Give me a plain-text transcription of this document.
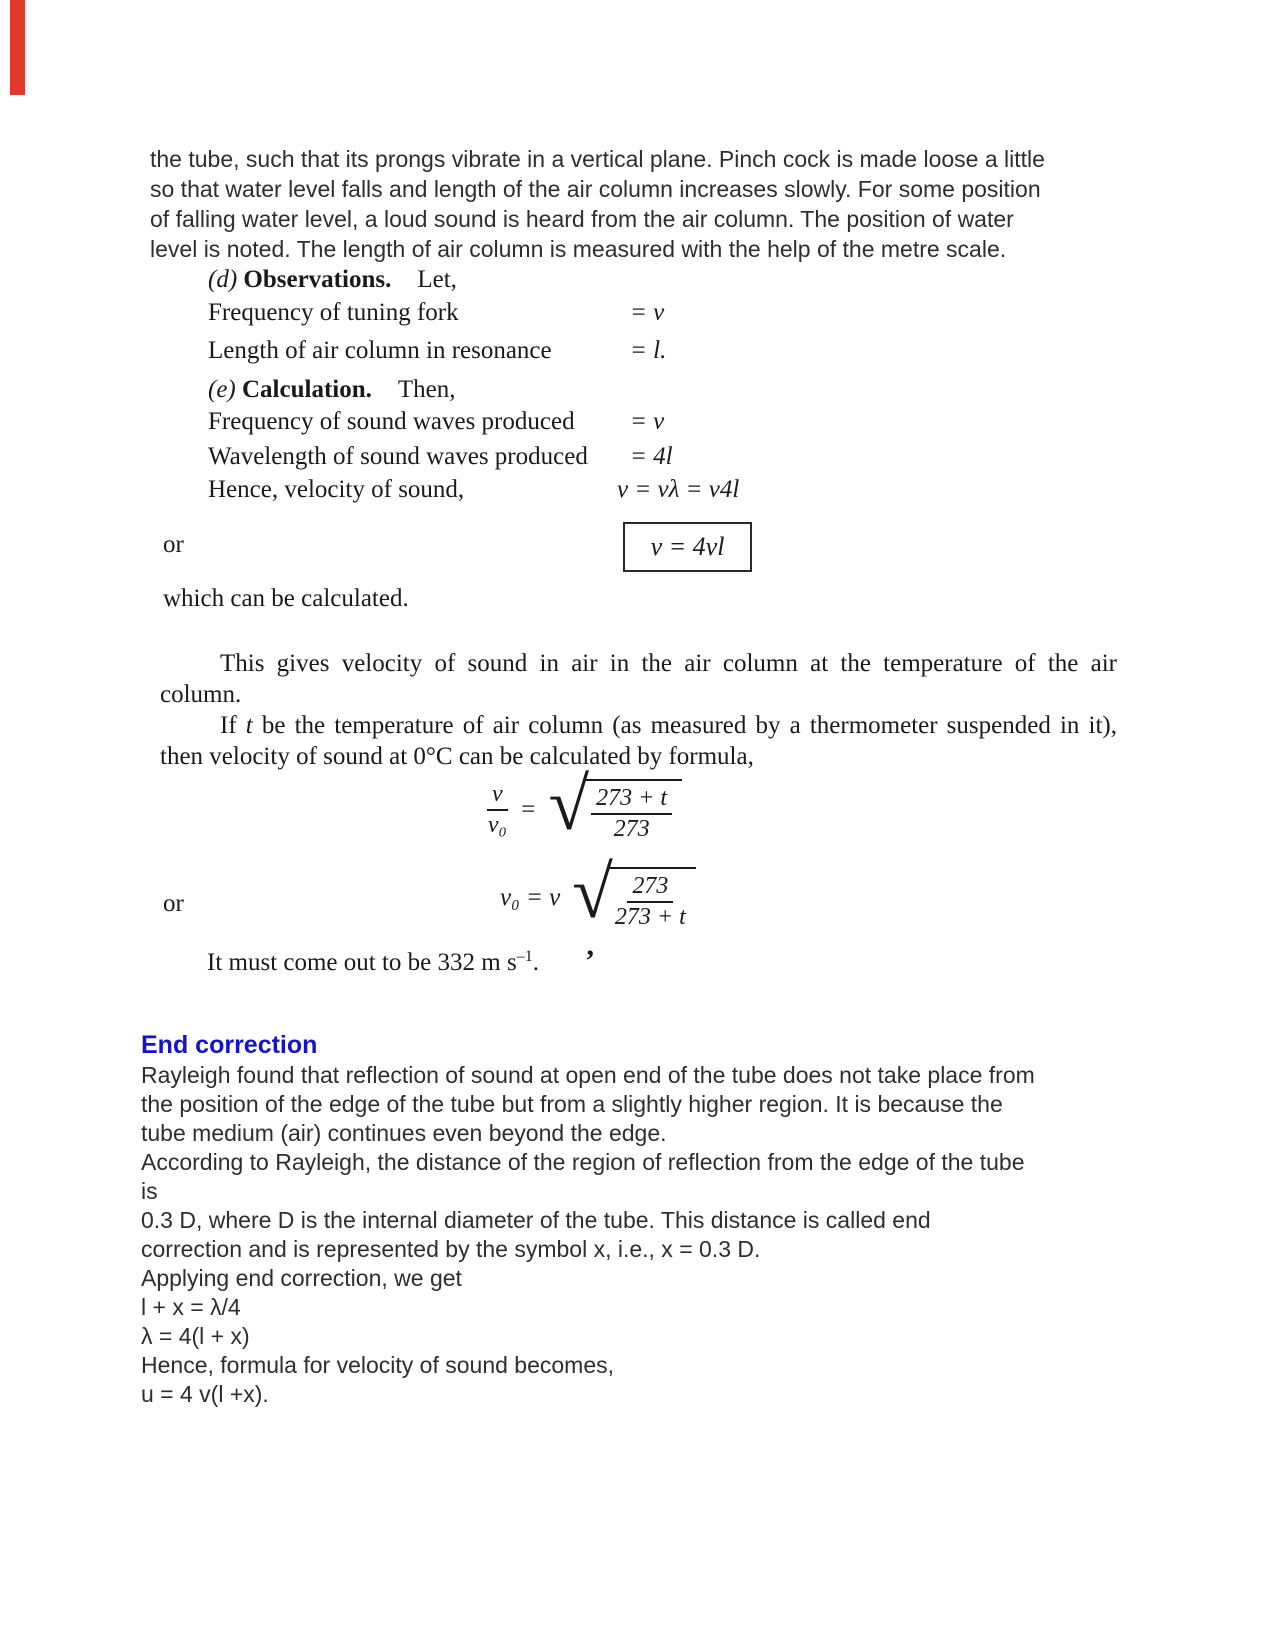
the tube, such that its prongs vibrate in a vertical plane. Pinch cock is made loose a little
so that water level falls and length of the air column increases slowly. For some position
of falling water level, a loud sound is heard from the air column. The position of water
level is noted. The length of air column is measured with the help of the metre scale.
(d) Observations. Let,
Frequency of tuning fork	= ν
Length of air column in resonance	= l.
(e) Calculation. Then,
Frequency of sound waves produced = ν
Wavelength of sound waves produced = 4l
Hence, velocity of sound,	v = νλ = ν4l
or	v = 4νl
which can be calculated.
This gives velocity of sound in air in the air column at the temperature of the air
column.
If t be the temperature of air column (as measured by a thermometer suspended in it),
then velocity of sound at 0°C can be calculated by formula,
$\frac{v}{\text{v₀}}$ = √ $\frac{273 + t}{273}$
or	v₀ = v √ $\frac{273}{273 + t}$
It must come out to be 332 m $s^{-1}$. ’
End correction
Rayleigh found that reflection of sound at open end of the tube does not take place from
the position of the edge of the tube but from a slightly higher region. It is because the
tube medium (air) continues even beyond the edge.
According to Rayleigh, the distance of the region of reflection from the edge of the tube
is
0.3 D, where D is the internal diameter of the tube. This distance is called end
correction and is represented by the symbol x, i.e., x = 0.3 D.
Applying end correction, we get
l + x = λ/4
λ = 4(l + x)
Hence, formula for velocity of sound becomes,
u = 4 v(l +x).
